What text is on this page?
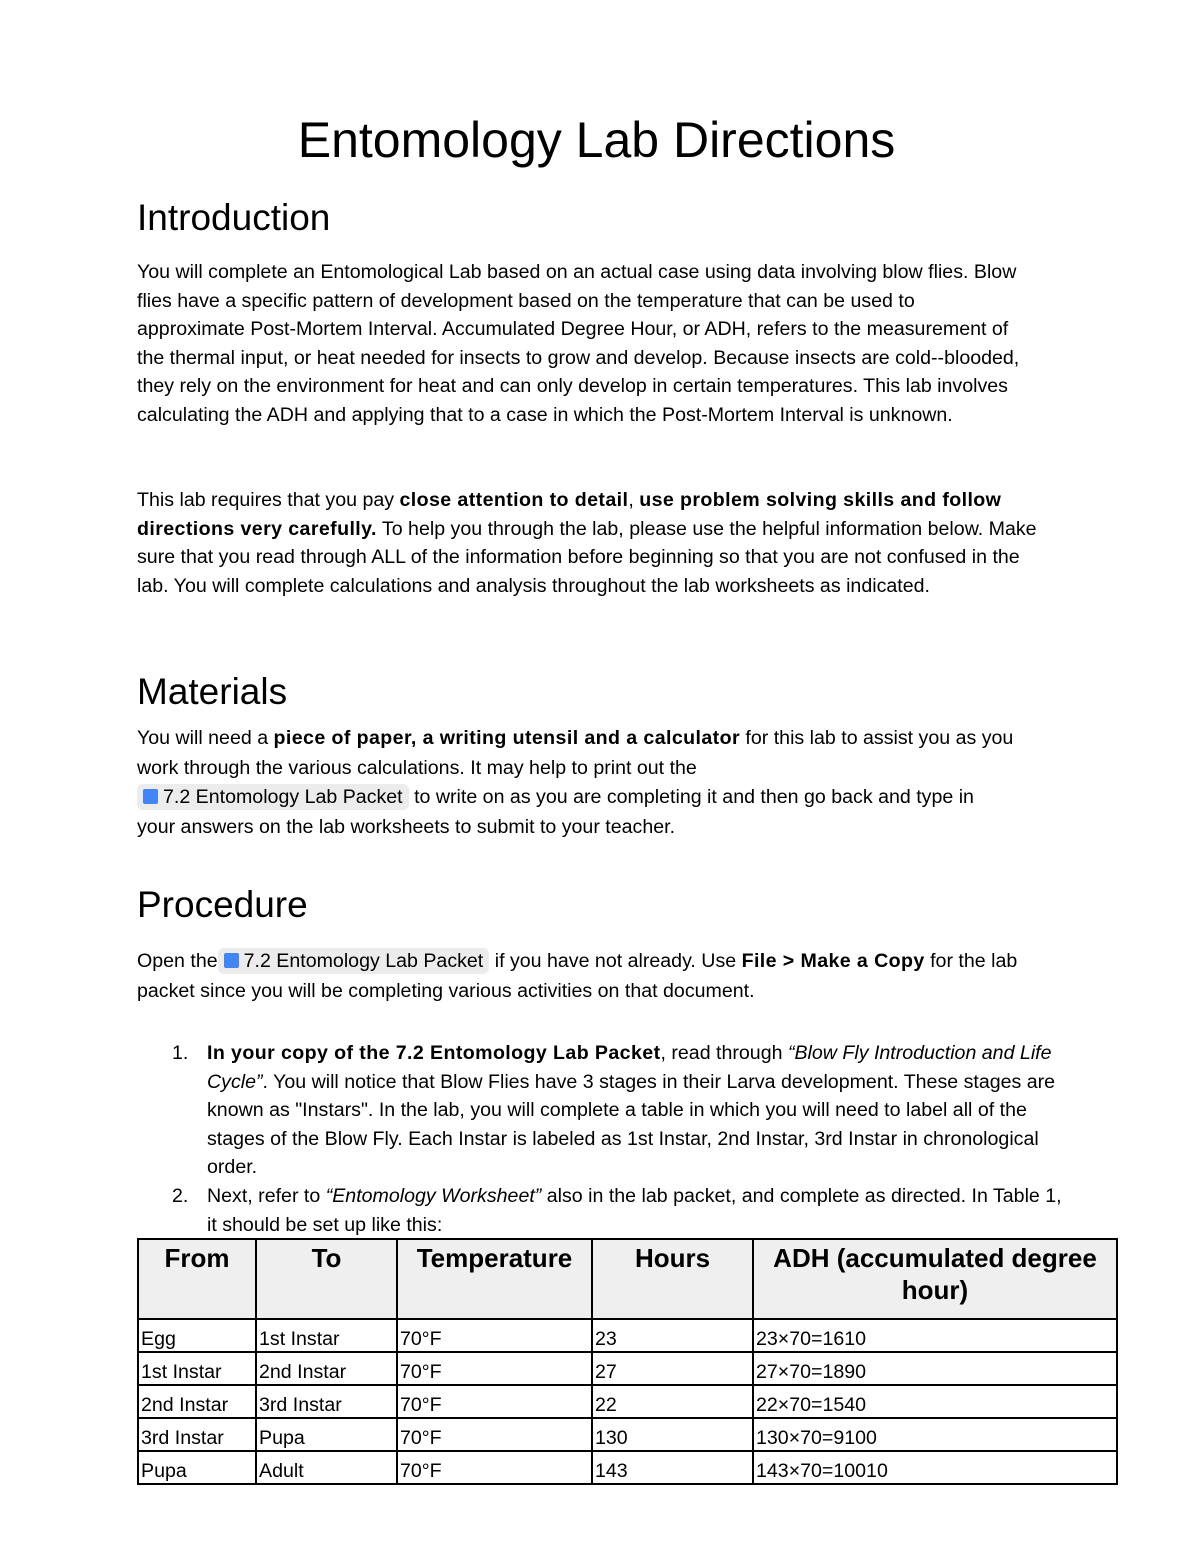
Entomology Lab Directions
Introduction

You will complete an Entomological Lab based on an actual case using data involving blow flies. Blow flies have a specific pattern of development based on the temperature that can be used to approximate Post-Mortem Interval. Accumulated Degree Hour, or ADH, refers to the measurement of the thermal input, or heat needed for insects to grow and develop. Because insects are cold--blooded, they rely on the environment for heat and can only develop in certain temperatures. This lab involves calculating the ADH and applying that to a case in which the Post-Mortem Interval is unknown.

This lab requires that you pay close attention to detail, use problem solving skills and follow directions very carefully. To help you through the lab, please use the helpful information below. Make sure that you read through ALL of the information before beginning so that you are not confused in the lab. You will complete calculations and analysis throughout the lab worksheets as indicated.

Materials

You will need a piece of paper, a writing utensil and a calculator for this lab to assist you as you work through the various calculations. It may help to print out the
7.2 Entomology Lab Packet to write on as you are completing it and then go back and type in your answers on the lab worksheets to submit to your teacher.

Procedure

Open the 7.2 Entomology Lab Packet if you have not already. Use File > Make a Copy for the lab packet since you will be completing various activities on that document.

1. In your copy of the 7.2 Entomology Lab Packet, read through “Blow Fly Introduction and Life Cycle”. You will notice that Blow Flies have 3 stages in their Larva development. These stages are known as "Instars". In the lab, you will complete a table in which you will need to label all of the stages of the Blow Fly. Each Instar is labeled as 1st Instar, 2nd Instar, 3rd Instar in chronological order.
2. Next, refer to “Entomology Worksheet” also in the lab packet, and complete as directed. In Table 1, it should be set up like this:
From	To	Temperature	Hours	ADH (accumulated degree hour)
Egg	1st Instar	70°F	23	23×70=1610
1st Instar	2nd Instar	70°F	27	27×70=1890
2nd Instar	3rd Instar	70°F	22	22×70=1540
3rd Instar	Pupa	70°F	130	130×70=9100
Pupa	Adult	70°F	143	143×70=10010
